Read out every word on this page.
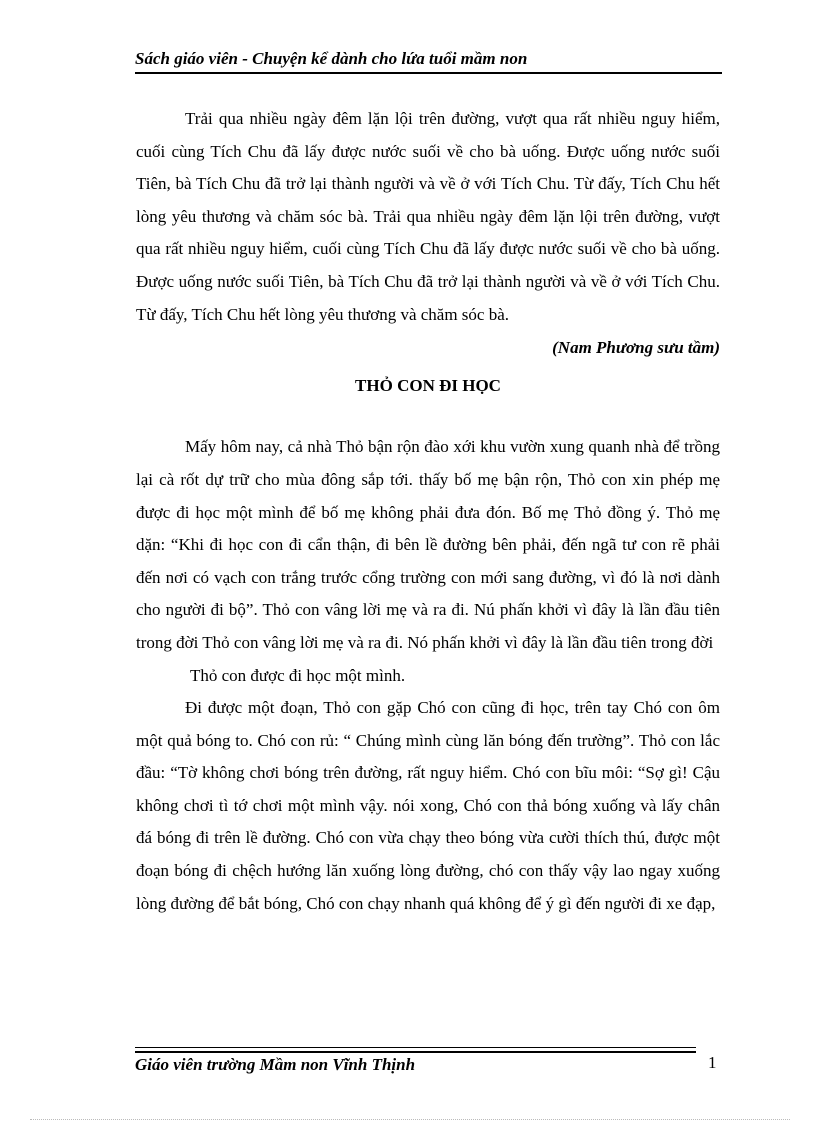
Sách giáo viên - Chuyện kể dành cho lứa tuổi mầm non

Trải qua nhiều ngày đêm lặn lội trên đường, vượt qua rất nhiều nguy hiểm, cuối cùng Tích Chu đã lấy được nước suối về cho bà uống. Được uống nước suối Tiên, bà Tích Chu đã trở lại thành người và về ở với Tích Chu. Từ đấy, Tích Chu hết lòng yêu thương và chăm sóc bà. Trải qua nhiều ngày đêm lặn lội trên đường, vượt qua rất nhiều nguy hiểm, cuối cùng Tích Chu đã lấy được nước suối về cho bà uống. Được uống nước suối Tiên, bà Tích Chu đã trở lại thành người và về ở với Tích Chu. Từ đấy, Tích Chu hết lòng yêu thương và chăm sóc bà.

(Nam Phương sưu tầm)

THỎ CON ĐI HỌC

Mấy hôm nay, cả nhà Thỏ bận rộn đào xới khu vườn xung quanh nhà để trồng lại cà rốt dự trữ cho mùa đông sắp tới. thấy bố mẹ bận rộn, Thỏ con xin phép mẹ được đi học một mình để bố mẹ không phải đưa đón. Bố mẹ Thỏ đồng ý. Thỏ mẹ dặn: “Khi đi học con đi cẩn thận, đi bên lề đường bên phải, đến ngã tư con rẽ phải đến nơi có vạch con trắng trước cổng trường con mới sang đường, vì đó là nơi dành cho người đi bộ”. Thỏ con vâng lời mẹ và ra đi. Nú phấn khởi vì đây là lần đầu tiên trong đời Thỏ con vâng lời mẹ và ra đi. Nó phấn khởi vì đây là lần đầu tiên trong đời

Thỏ con được đi học một mình.

Đi được một đoạn, Thỏ con gặp Chó con cũng đi học, trên tay Chó con ôm một quả bóng to. Chó con rủ: “ Chúng mình cùng lăn bóng đến trường”. Thỏ con lắc đầu: “Tờ không chơi bóng trên đường, rất nguy hiểm. Chó con bĩu môi: “Sợ gì! Cậu không chơi tì tớ chơi một mình vậy. nói xong, Chó con thả bóng xuống và lấy chân đá bóng đi trên lề đường. Chó con vừa chạy theo bóng vừa cười thích thú, được một đoạn bóng đi chệch hướng lăn xuống lòng đường, chó con thấy vậy lao ngay xuống lòng đường để bắt bóng, Chó con chạy nhanh quá không để ý gì đến người đi xe đạp,

Giáo viên trường Mầm non Vĩnh Thịnh	1
